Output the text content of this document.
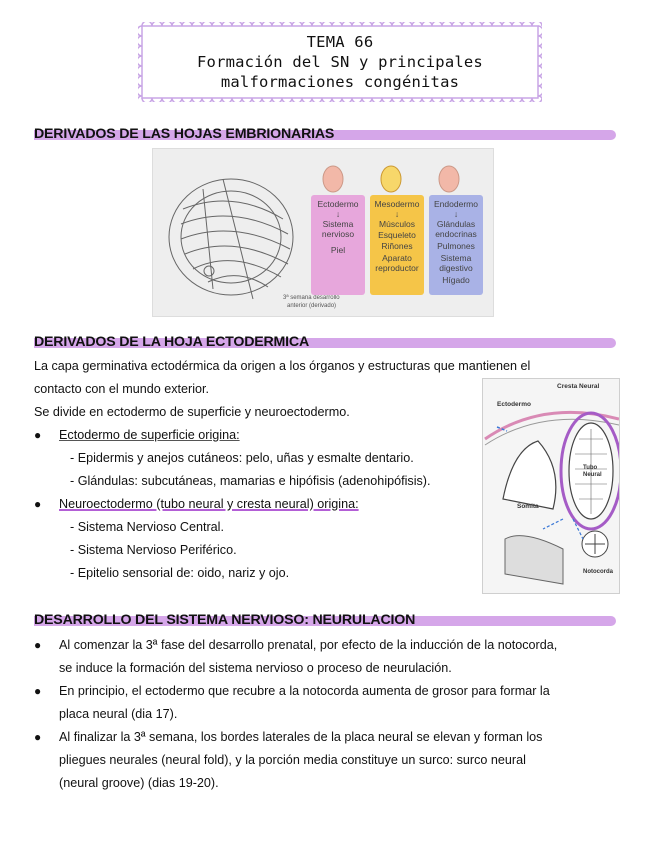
TEMA 66
Formación del SN y principales
malformaciones congénitas
DERIVADOS DE LAS HOJAS EMBRIONARIAS
3ª semana desarrollo
anterior (derivado)
Ectodermo
↓
Sistema
nervioso
Piel
Mesodermo
↓
Músculos
Esqueleto
Riñones
Aparato
reproductor
Endodermo
↓
Glándulas
endocrinas
Pulmones
Sistema
digestivo
Hígado
DERIVADOS DE LA HOJA ECTODERMICA
La capa germinativa ectodérmica da origen a los órganos y estructuras que mantienen el
contacto con el mundo exterior.
Se divide en ectodermo de superficie y neuroectodermo.
● Ectodermo de superficie origina:
- Epidermis y anejos cutáneos: pelo, uñas y esmalte dentario.
- Glándulas: subcutáneas, mamarias e hipófisis (adenohipófisis).
● Neuroectodermo (tubo neural y cresta neural) origina:
- Sistema Nervioso Central.
- Sistema Nervioso Periférico.
- Epitelio sensorial de: oido, nariz y ojo.
Cresta Neural
Ectodermo
Tubo Neural
Somita
Notocorda
DESARROLLO DEL SISTEMA NERVIOSO: NEURULACION
● Al comenzar la 3ª fase del desarrollo prenatal, por efecto de la inducción de la notocorda,
se induce la formación del sistema nervioso o proceso de neurulación.
● En principio, el ectodermo que recubre a la notocorda aumenta de grosor para formar la
placa neural (dia 17).
● Al finalizar la 3ª semana, los bordes laterales de la placa neural se elevan y forman los
pliegues neurales (neural fold), y la porción media constituye un surco: surco neural
(neural groove) (dias 19-20).
